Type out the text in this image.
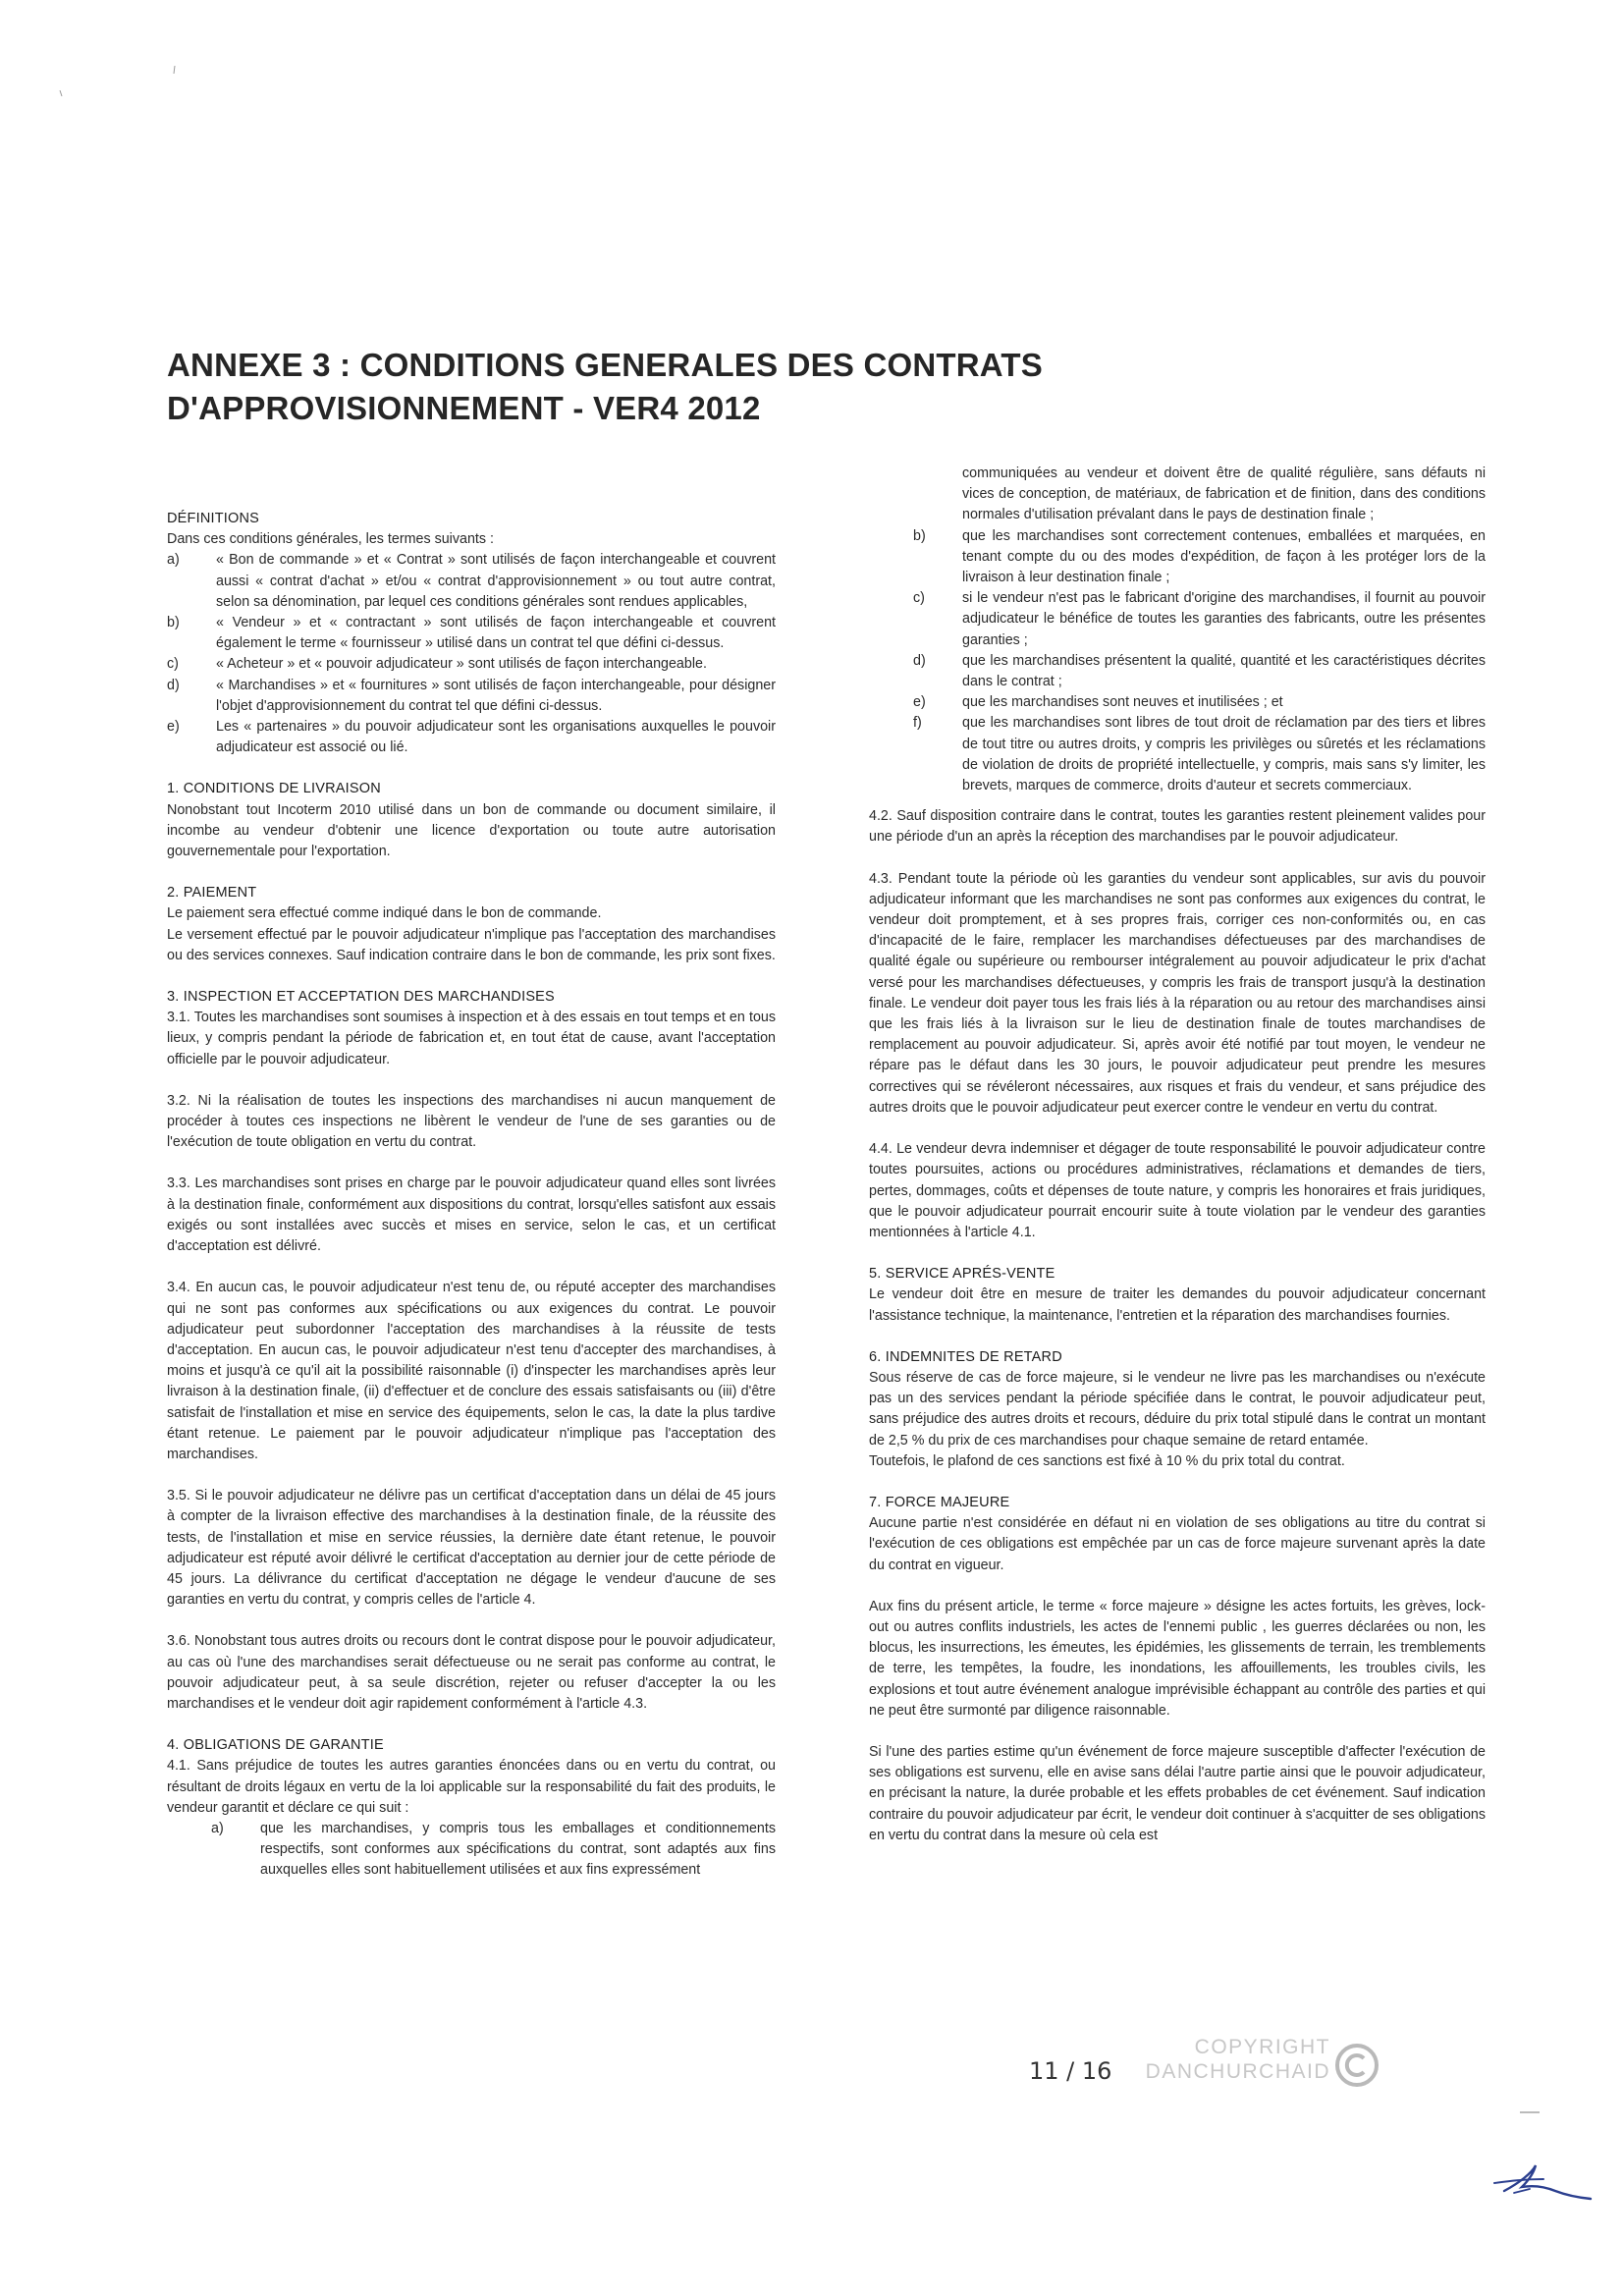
ANNEXE 3 : CONDITIONS GENERALES DES CONTRATS
D'APPROVISIONNEMENT - VER4 2012
DÉFINITIONS

Dans ces conditions générales, les termes suivants :

a)	« Bon de commande » et « Contrat » sont utilisés de façon interchangeable et couvrent aussi « contrat d'achat » et/ou « contrat d'approvisionnement » ou tout autre contrat, selon sa dénomination, par lequel ces conditions générales sont rendues applicables,
b)	« Vendeur » et « contractant » sont utilisés de façon interchangeable et couvrent également le terme « fournisseur » utilisé dans un contrat tel que défini ci-dessus.
c)	« Acheteur » et « pouvoir adjudicateur » sont utilisés de façon interchangeable.
d)	« Marchandises » et « fournitures » sont utilisés de façon interchangeable, pour désigner l'objet d'approvisionnement du contrat tel que défini ci-dessus.
e)	Les « partenaires » du pouvoir adjudicateur sont les organisations auxquelles le pouvoir adjudicateur est associé ou lié.
1. CONDITIONS DE LIVRAISON

Nonobstant tout Incoterm 2010 utilisé dans un bon de commande ou document similaire, il incombe au vendeur d'obtenir une licence d'exportation ou toute autre autorisation gouvernementale pour l'exportation.

2. PAIEMENT

Le paiement sera effectué comme indiqué dans le bon de commande.

Le versement effectué par le pouvoir adjudicateur n'implique pas l'acceptation des marchandises ou des services connexes. Sauf indication contraire dans le bon de commande, les prix sont fixes.

3. INSPECTION ET ACCEPTATION DES MARCHANDISES

3.1. Toutes les marchandises sont soumises à inspection et à des essais en tout temps et en tous lieux, y compris pendant la période de fabrication et, en tout état de cause, avant l'acceptation officielle par le pouvoir adjudicateur.

3.2. Ni la réalisation de toutes les inspections des marchandises ni aucun manquement de procéder à toutes ces inspections ne libèrent le vendeur de l'une de ses garanties ou de l'exécution de toute obligation en vertu du contrat.

3.3. Les marchandises sont prises en charge par le pouvoir adjudicateur quand elles sont livrées à la destination finale, conformément aux dispositions du contrat, lorsqu'elles satisfont aux essais exigés ou sont installées avec succès et mises en service, selon le cas, et un certificat d'acceptation est délivré.

3.4. En aucun cas, le pouvoir adjudicateur n'est tenu de, ou réputé accepter des marchandises qui ne sont pas conformes aux spécifications ou aux exigences du contrat. Le pouvoir adjudicateur peut subordonner l'acceptation des marchandises à la réussite de tests d'acceptation. En aucun cas, le pouvoir adjudicateur n'est tenu d'accepter des marchandises, à moins et jusqu'à ce qu'il ait la possibilité raisonnable (i) d'inspecter les marchandises après leur livraison à la destination finale, (ii) d'effectuer et de conclure des essais satisfaisants ou (iii) d'être satisfait de l'installation et mise en service des équipements, selon le cas, la date la plus tardive étant retenue. Le paiement par le pouvoir adjudicateur n'implique pas l'acceptation des marchandises.

3.5. Si le pouvoir adjudicateur ne délivre pas un certificat d'acceptation dans un délai de 45 jours à compter de la livraison effective des marchandises à la destination finale, de la réussite des tests, de l'installation et mise en service réussies, la dernière date étant retenue, le pouvoir adjudicateur est réputé avoir délivré le certificat d'acceptation au dernier jour de cette période de 45 jours. La délivrance du certificat d'acceptation ne dégage le vendeur d'aucune de ses garanties en vertu du contrat, y compris celles de l'article 4.

3.6. Nonobstant tous autres droits ou recours dont le contrat dispose pour le pouvoir adjudicateur, au cas où l'une des marchandises serait défectueuse ou ne serait pas conforme au contrat, le pouvoir adjudicateur peut, à sa seule discrétion, rejeter ou refuser d'accepter la ou les marchandises et le vendeur doit agir rapidement conformément à l'article 4.3.

4. OBLIGATIONS DE GARANTIE

4.1. Sans préjudice de toutes les autres garanties énoncées dans ou en vertu du contrat, ou résultant de droits légaux en vertu de la loi applicable sur la responsabilité du fait des produits, le vendeur garantit et déclare ce qui suit :

a)	que les marchandises, y compris tous les emballages et conditionnements respectifs, sont conformes aux spécifications du contrat, sont adaptés aux fins auxquelles elles sont habituellement utilisées et aux fins expressément

communiquées au vendeur et doivent être de qualité régulière, sans défauts ni vices de conception, de matériaux, de fabrication et de finition, dans des conditions normales d'utilisation prévalant dans le pays de destination finale ;

b)	que les marchandises sont correctement contenues, emballées et marquées, en tenant compte du ou des modes d'expédition, de façon à les protéger lors de la livraison à leur destination finale ;
c)	si le vendeur n'est pas le fabricant d'origine des marchandises, il fournit au pouvoir adjudicateur le bénéfice de toutes les garanties des fabricants, outre les présentes garanties ;
d)	que les marchandises présentent la qualité, quantité et les caractéristiques décrites dans le contrat ;
e)	que les marchandises sont neuves et inutilisées ; et
f)	que les marchandises sont libres de tout droit de réclamation par des tiers et libres de tout titre ou autres droits, y compris les privilèges ou sûretés et les réclamations de violation de droits de propriété intellectuelle, y compris, mais sans s'y limiter, les brevets, marques de commerce, droits d'auteur et secrets commerciaux.

4.2. Sauf disposition contraire dans le contrat, toutes les garanties restent pleinement valides pour une période d'un an après la réception des marchandises par le pouvoir adjudicateur.

4.3. Pendant toute la période où les garanties du vendeur sont applicables, sur avis du pouvoir adjudicateur informant que les marchandises ne sont pas conformes aux exigences du contrat, le vendeur doit promptement, et à ses propres frais, corriger ces non-conformités ou, en cas d'incapacité de le faire, remplacer les marchandises défectueuses par des marchandises de qualité égale ou supérieure ou rembourser intégralement au pouvoir adjudicateur le prix d'achat versé pour les marchandises défectueuses, y compris les frais de transport jusqu'à la destination finale. Le vendeur doit payer tous les frais liés à la réparation ou au retour des marchandises ainsi que les frais liés à la livraison sur le lieu de destination finale de toutes marchandises de remplacement au pouvoir adjudicateur. Si, après avoir été notifié par tout moyen, le vendeur ne répare pas le défaut dans les 30 jours, le pouvoir adjudicateur peut prendre les mesures correctives qui se révéleront nécessaires, aux risques et frais du vendeur, et sans préjudice des autres droits que le pouvoir adjudicateur peut exercer contre le vendeur en vertu du contrat.

4.4. Le vendeur devra indemniser et dégager de toute responsabilité le pouvoir adjudicateur contre toutes poursuites, actions ou procédures administratives, réclamations et demandes de tiers, pertes, dommages, coûts et dépenses de toute nature, y compris les honoraires et frais juridiques, que le pouvoir adjudicateur pourrait encourir suite à toute violation par le vendeur des garanties mentionnées à l'article 4.1.

5. SERVICE APRÉS-VENTE

Le vendeur doit être en mesure de traiter les demandes du pouvoir adjudicateur concernant l'assistance technique, la maintenance, l'entretien et la réparation des marchandises fournies.

6. INDEMNITES DE RETARD

Sous réserve de cas de force majeure, si le vendeur ne livre pas les marchandises ou n'exécute pas un des services pendant la période spécifiée dans le contrat, le pouvoir adjudicateur peut, sans préjudice des autres droits et recours, déduire du prix total stipulé dans le contrat un montant de 2,5 % du prix de ces marchandises pour chaque semaine de retard entamée.

Toutefois, le plafond de ces sanctions est fixé à 10 % du prix total du contrat.

7. FORCE MAJEURE

Aucune partie n'est considérée en défaut ni en violation de ses obligations au titre du contrat si l'exécution de ces obligations est empêchée par un cas de force majeure survenant après la date du contrat en vigueur.

Aux fins du présent article, le terme « force majeure » désigne les actes fortuits, les grèves, lock-out ou autres conflits industriels, les actes de l'ennemi public , les guerres déclarées ou non, les blocus, les insurrections, les émeutes, les épidémies, les glissements de terrain, les tremblements de terre, les tempêtes, la foudre, les inondations, les affouillements, les troubles civils, les explosions et tout autre événement analogue imprévisible échappant au contrôle des parties et qui ne peut être surmonté par diligence raisonnable.

Si l'une des parties estime qu'un événement de force majeure susceptible d'affecter l'exécution de ses obligations est survenu, elle en avise sans délai l'autre partie ainsi que le pouvoir adjudicateur, en précisant la nature, la durée probable et les effets probables de cet événement. Sauf indication contraire du pouvoir adjudicateur par écrit, le vendeur doit continuer à s'acquitter de ses obligations en vertu du contrat dans la mesure où cela est

11 / 16
COPYRIGHT
DANCHURCHAID
